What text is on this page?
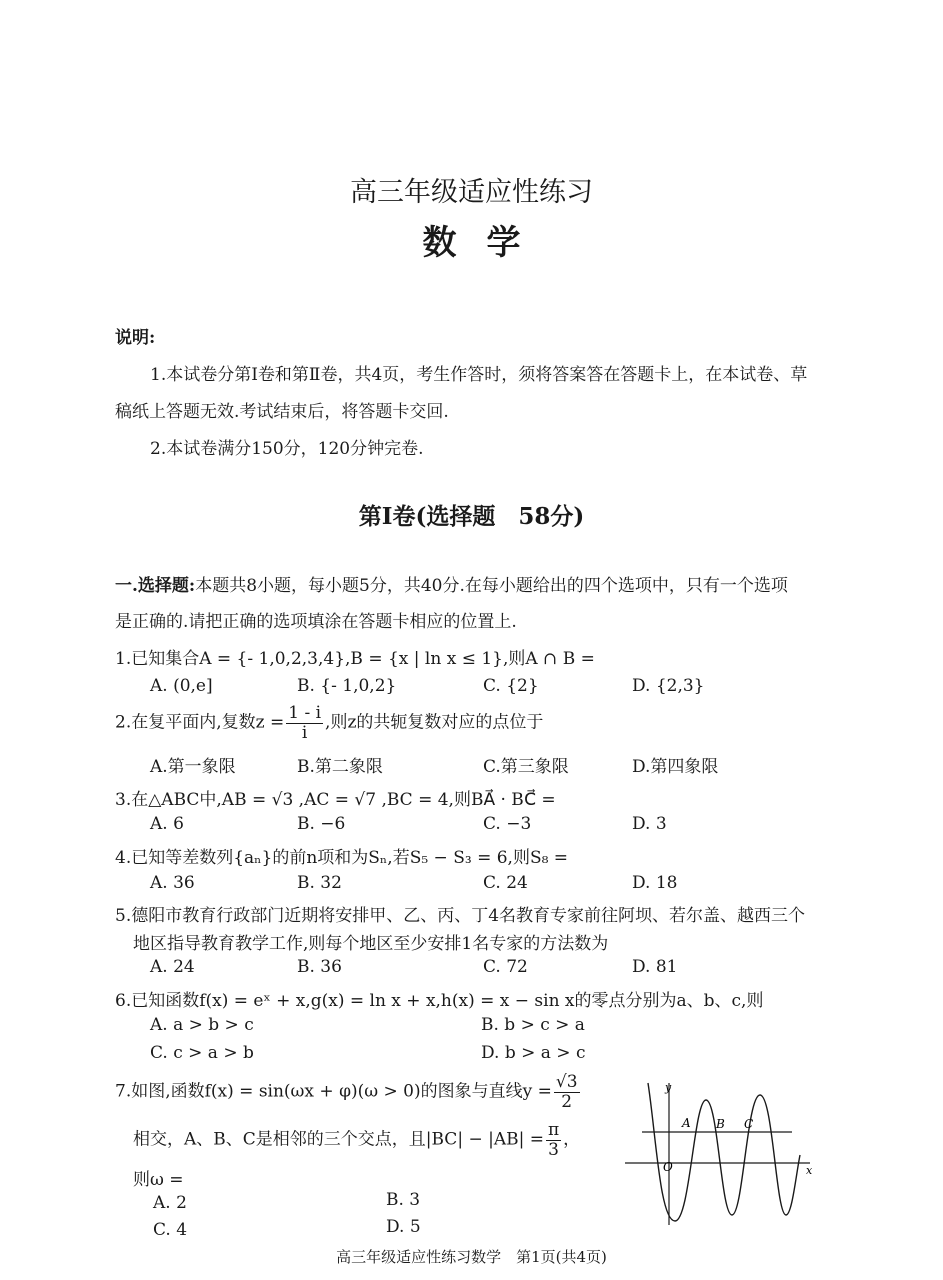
高三年级适应性练习
数学
说明:
1.本试卷分第Ⅰ卷和第Ⅱ卷，共4页，考生作答时，须将答案答在答题卡上，在本试卷、草
稿纸上答题无效.考试结束后，将答题卡交回.
2.本试卷满分150分，120分钟完卷.
第Ⅰ卷(选择题　58分)
一.选择题:本题共8小题，每小题5分，共40分.在每小题给出的四个选项中，只有一个选项
是正确的.请把正确的选项填涂在答题卡相应的位置上.
1.已知集合A = {- 1,0,2,3,4},B = {x | ln x ≤ 1},则A ∩ B =
A. (0,e]	B. {- 1,0,2}	C. {2}	D. {2,3}
2.在复平面内,复数$z = \frac{1 - i}{i}$ ,则z的共轭复数对应的点位于
A.第一象限	B.第二象限	C.第三象限	D.第四象限
3.在△ABC中,AB = √3 ,AC = √7 ,BC = 4,则BA⃗ · BC⃗ =
A. 6	B. −6	C. −3	D. 3
4.已知等差数列{aₙ}的前n项和为Sₙ,若S₅ − S₃ = 6,则S₈ =
A. 36	B. 32	C. 24	D. 18
5.德阳市教育行政部门近期将安排甲、乙、丙、丁4名教育专家前往阿坝、若尔盖、越西三个
地区指导教育教学工作,则每个地区至少安排1名专家的方法数为
A. 24	B. 36	C. 72	D. 81
6.已知函数f(x) = eˣ + x,g(x) = ln x + x,h(x) = x − sin x的零点分别为a、b、c,则
A. a > b > c	B. b > c > a
C. c > a > b	D. b > a > c
7.如图,函数f(x) = sin(ωx + φ)(ω > 0)的图象与直线$y = \frac{√3}{2}$
相交，A、B、C是相邻的三个交点，且$|BC| - |AB| = \frac{\pi}{3}$ ，
则ω =
A. 2	B. 3
C. 4	D. 5
y
x
O
A B C
高三年级适应性练习数学　第1页(共4页)
